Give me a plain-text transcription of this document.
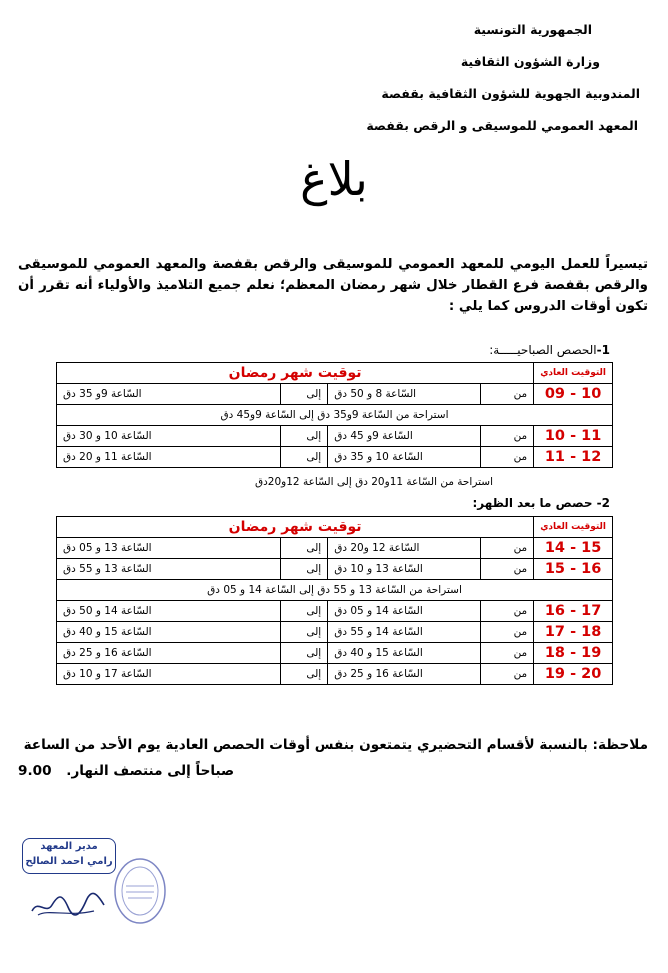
الجمهورية التونسية
وزارة الشؤون الثقافية
المندوبية الجهوية للشؤون الثقافية بقفصة
المعهد العمومي للموسيقى و الرقص بقفصة
بلاغ
تيسيراً للعمل اليومي للمعهد العمومي للموسيقى والرقص بقفصة والمعهد العمومي للموسيقى والرقص بقفصة فرع القطار خلال شهر رمضان المعظم؛ نعلم جميع التلاميذ والأولياء أنه تقرر أن تكون أوقات الدروس كما يلي :
1-الحصص الصباحيـــــة:
التوقيت العادي	توقيت شهر رمضان			
10 - 09	من	السّاعة 8 و 50 دق	إلى	السّاعة 9و 35 دق
استراحة من السّاعة 9و35 دق إلى السّاعة 9و45 دق				
11 - 10	من	السّاعة 9و 45 دق	إلى	السّاعة 10 و 30 دق
12 - 11	من	السّاعة 10 و 35 دق	إلى	السّاعة 11 و 20 دق
استراحة من السّاعة 11و20 دق إلى السّاعة 12و20دق
2- حصص ما بعد الظهر:
التوقيت العادي	توقيت شهر رمضان			
15 - 14	من	السّاعة 12 و20 دق	إلى	السّاعة 13 و 05 دق
16 - 15	من	السّاعة 13 و 10 دق	إلى	السّاعة 13 و 55 دق
استراحة من السّاعة 13 و 55 دق إلى السّاعة 14 و 05 دق				
17 - 16	من	السّاعة 14 و 05 دق	إلى	السّاعة 14 و 50 دق
18 - 17	من	السّاعة 14 و 55 دق	إلى	السّاعة 15 و 40 دق
19 - 18	من	السّاعة 15 و 40 دق	إلى	السّاعة 16 و 25 دق
20 - 19	من	السّاعة 16 و 25 دق	إلى	السّاعة 17 و 10 دق
ملاحظة: بالنسبة لأقسام التحضيري يتمتعون بنفس أوقات الحصص العادية يوم الأحد من الساعة
صباحاً إلى منتصف النهار. 9.00
مدير المعهد
رامي احمد الصالح
